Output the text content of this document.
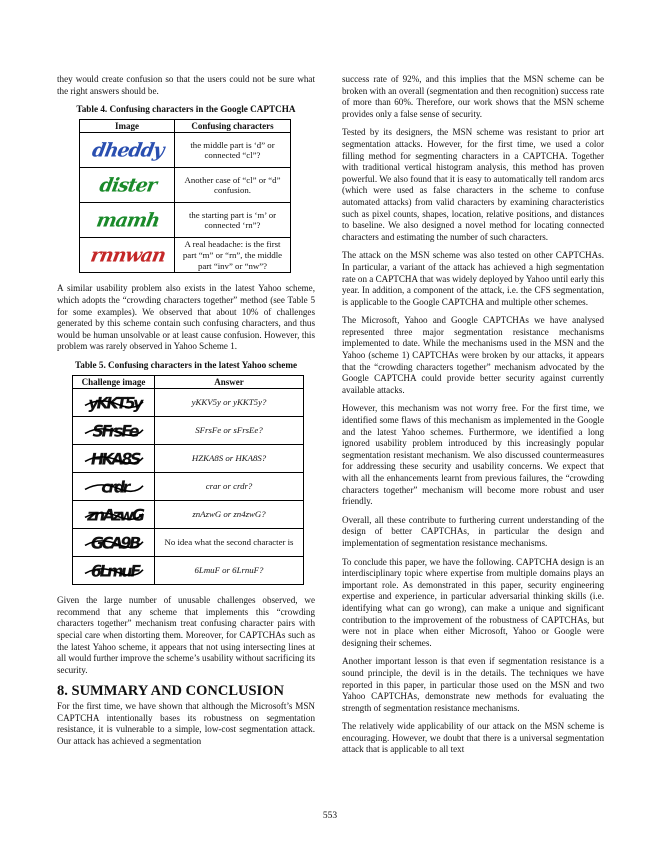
they would create confusion so that the users could not be sure what the right answers should be.

Table 4. Confusing characters in the Google CAPTCHA
Image	Confusing characters

dheddy	the middle part is ‘d” or connected “cl”?

dister	Another case of “cl” or “d” confusion.

mamh	the starting part is ‘m’ or connected ‘rn”?

rnnwan	A real headache: is the first part “m” or “rn”, the middle part “inv” or “nw”?

A similar usability problem also exists in the latest Yahoo scheme, which adopts the “crowding characters together” method (see Table 5 for some examples). We observed that about 10% of challenges generated by this scheme contain such confusing characters, and thus would be human unsolvable or at least cause confusion. However, this problem was rarely observed in Yahoo Scheme 1.

Table 5. Confusing characters in the latest Yahoo scheme
Challenge image	Answer

yKKT5y	yKKV5y or yKKT5y?

SFrsFe	SFrsFe or sFrsEe?

HKA8S	HZKA8S or HKA8S?

crdr	crar or crdr?

znAzwG	znAzwG or zn4zwG?

GCA9B	No idea what the second character is

6LmuF	6LmuF or 6LrnuF?

Given the large number of unusable challenges observed, we recommend that any scheme that implements this “crowding characters together” mechanism treat confusing character pairs with special care when distorting them. Moreover, for CAPTCHAs such as the latest Yahoo scheme, it appears that not using intersecting lines at all would further improve the scheme’s usability without sacrificing its security.

8. SUMMARY AND CONCLUSION

For the first time, we have shown that although the Microsoft’s MSN CAPTCHA intentionally bases its robustness on segmentation resistance, it is vulnerable to a simple, low-cost segmentation attack. Our attack has achieved a segmentation

success rate of 92%, and this implies that the MSN scheme can be broken with an overall (segmentation and then recognition) success rate of more than 60%. Therefore, our work shows that the MSN scheme provides only a false sense of security.

Tested by its designers, the MSN scheme was resistant to prior art segmentation attacks. However, for the first time, we used a color filling method for segmenting characters in a CAPTCHA. Together with traditional vertical histogram analysis, this method has proven powerful. We also found that it is easy to automatically tell random arcs (which were used as false characters in the scheme to confuse automated attacks) from valid characters by examining characteristics such as pixel counts, shapes, location, relative positions, and distances to baseline. We also designed a novel method for locating connected characters and estimating the number of such characters.

The attack on the MSN scheme was also tested on other CAPTCHAs. In particular, a variant of the attack has achieved a high segmentation rate on a CAPTCHA that was widely deployed by Yahoo until early this year. In addition, a component of the attack, i.e. the CFS segmentation, is applicable to the Google CAPTCHA and multiple other schemes.

The Microsoft, Yahoo and Google CAPTCHAs we have analysed represented three major segmentation resistance mechanisms implemented to date. While the mechanisms used in the MSN and the Yahoo (scheme 1) CAPTCHAs were broken by our attacks, it appears that the “crowding characters together” mechanism advocated by the Google CAPTCHA could provide better security against currently available attacks.

However, this mechanism was not worry free. For the first time, we identified some flaws of this mechanism as implemented in the Google and the latest Yahoo schemes. Furthermore, we identified a long ignored usability problem introduced by this increasingly popular segmentation resistant mechanism. We also discussed countermeasures for addressing these security and usability concerns. We expect that with all the enhancements learnt from previous failures, the “crowding characters together” mechanism will become more robust and user friendly.

Overall, all these contribute to furthering current understanding of the design of better CAPTCHAs, in particular the design and implementation of segmentation resistance mechanisms.

To conclude this paper, we have the following. CAPTCHA design is an interdisciplinary topic where expertise from multiple domains plays an important role. As demonstrated in this paper, security engineering expertise and experience, in particular adversarial thinking skills (i.e. identifying what can go wrong), can make a unique and significant contribution to the improvement of the robustness of CAPTCHAs, but were not in place when either Microsoft, Yahoo or Google were designing their schemes.

Another important lesson is that even if segmentation resistance is a sound principle, the devil is in the details. The techniques we have reported in this paper, in particular those used on the MSN and two Yahoo CAPTCHAs, demonstrate new methods for evaluating the strength of segmentation resistance mechanisms.

The relatively wide applicability of our attack on the MSN scheme is encouraging. However, we doubt that there is a universal segmentation attack that is applicable to all text

553
